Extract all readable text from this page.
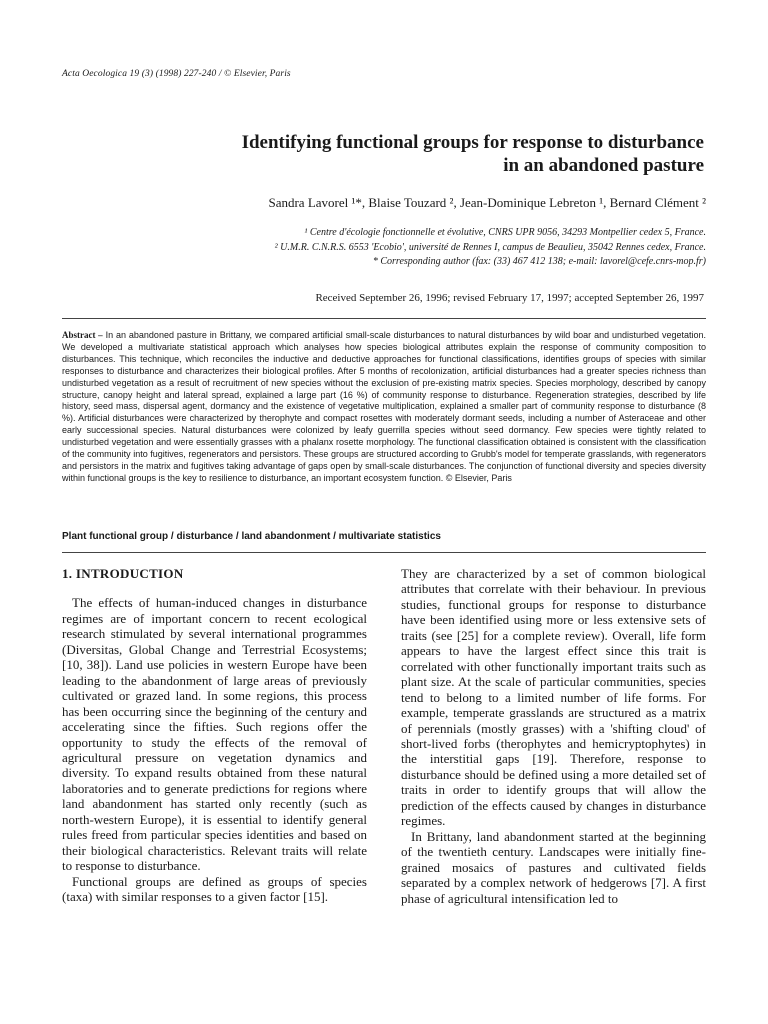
Acta Oecologica 19 (3) (1998) 227-240 / © Elsevier, Paris
Identifying functional groups for response to disturbance
in an abandoned pasture
Sandra Lavorel ¹*, Blaise Touzard ², Jean-Dominique Lebreton ¹, Bernard Clément ²
¹ Centre d'écologie fonctionnelle et évolutive, CNRS UPR 9056, 34293 Montpellier cedex 5, France.
² U.M.R. C.N.R.S. 6553 'Ecobio', université de Rennes I, campus de Beaulieu, 35042 Rennes cedex, France.
* Corresponding author (fax: (33) 467 412 138; e-mail: lavorel@cefe.cnrs-mop.fr)
Received September 26, 1996; revised February 17, 1997; accepted September 26, 1997
Abstract – In an abandoned pasture in Brittany, we compared artificial small-scale disturbances to natural disturbances by wild boar and undisturbed vegetation. We developed a multivariate statistical approach which analyses how species biological attributes explain the response of community composition to disturbances. This technique, which reconciles the inductive and deductive approaches for functional classifications, identifies groups of species with similar responses to disturbance and characterizes their biological profiles. After 5 months of recolonization, artificial disturbances had a greater species richness than undisturbed vegetation as a result of recruitment of new species without the exclusion of pre-existing matrix species. Species morphology, described by canopy structure, canopy height and lateral spread, explained a large part (16 %) of community response to disturbance. Regeneration strategies, described by life history, seed mass, dispersal agent, dormancy and the existence of vegetative multiplication, explained a smaller part of community response to disturbance (8 %). Artificial disturbances were characterized by therophyte and compact rosettes with moderately dormant seeds, including a number of Asteraceae and other early successional species. Natural disturbances were colonized by leafy guerrilla species without seed dormancy. Few species were tightly related to undisturbed vegetation and were essentially grasses with a phalanx rosette morphology. The functional classification obtained is consistent with the classification of the community into fugitives, regenerators and persistors. These groups are structured according to Grubb's model for temperate grasslands, with regenerators and persistors in the matrix and fugitives taking advantage of gaps open by small-scale disturbances. The conjunction of functional diversity and species diversity within functional groups is the key to resilience to disturbance, an important ecosystem function. © Elsevier, Paris
Plant functional group / disturbance / land abandonment / multivariate statistics
1. INTRODUCTION

The effects of human-induced changes in disturbance regimes are of important concern to recent ecological research stimulated by several international programmes (Diversitas, Global Change and Terrestrial Ecosystems; [10, 38]). Land use policies in western Europe have been leading to the abandonment of large areas of previously cultivated or grazed land. In some regions, this process has been occurring since the beginning of the century and accelerating since the fifties. Such regions offer the opportunity to study the effects of the removal of agricultural pressure on vegetation dynamics and diversity. To expand results obtained from these natural laboratories and to generate predictions for regions where land abandonment has started only recently (such as north-western Europe), it is essential to identify general rules freed from particular species identities and based on their biological characteristics. Relevant traits will relate to response to disturbance.

Functional groups are defined as groups of species (taxa) with similar responses to a given factor [15].

They are characterized by a set of common biological attributes that correlate with their behaviour. In previous studies, functional groups for response to disturbance have been identified using more or less extensive sets of traits (see [25] for a complete review). Overall, life form appears to have the largest effect since this trait is correlated with other functionally important traits such as plant size. At the scale of particular communities, species tend to belong to a limited number of life forms. For example, temperate grasslands are structured as a matrix of perennials (mostly grasses) with a 'shifting cloud' of short-lived forbs (therophytes and hemicryptophytes) in the interstitial gaps [19]. Therefore, response to disturbance should be defined using a more detailed set of traits in order to identify groups that will allow the prediction of the effects caused by changes in disturbance regimes.

In Brittany, land abandonment started at the beginning of the twentieth century. Landscapes were initially fine-grained mosaics of pastures and cultivated fields separated by a complex network of hedgerows [7]. A first phase of agricultural intensification led to
